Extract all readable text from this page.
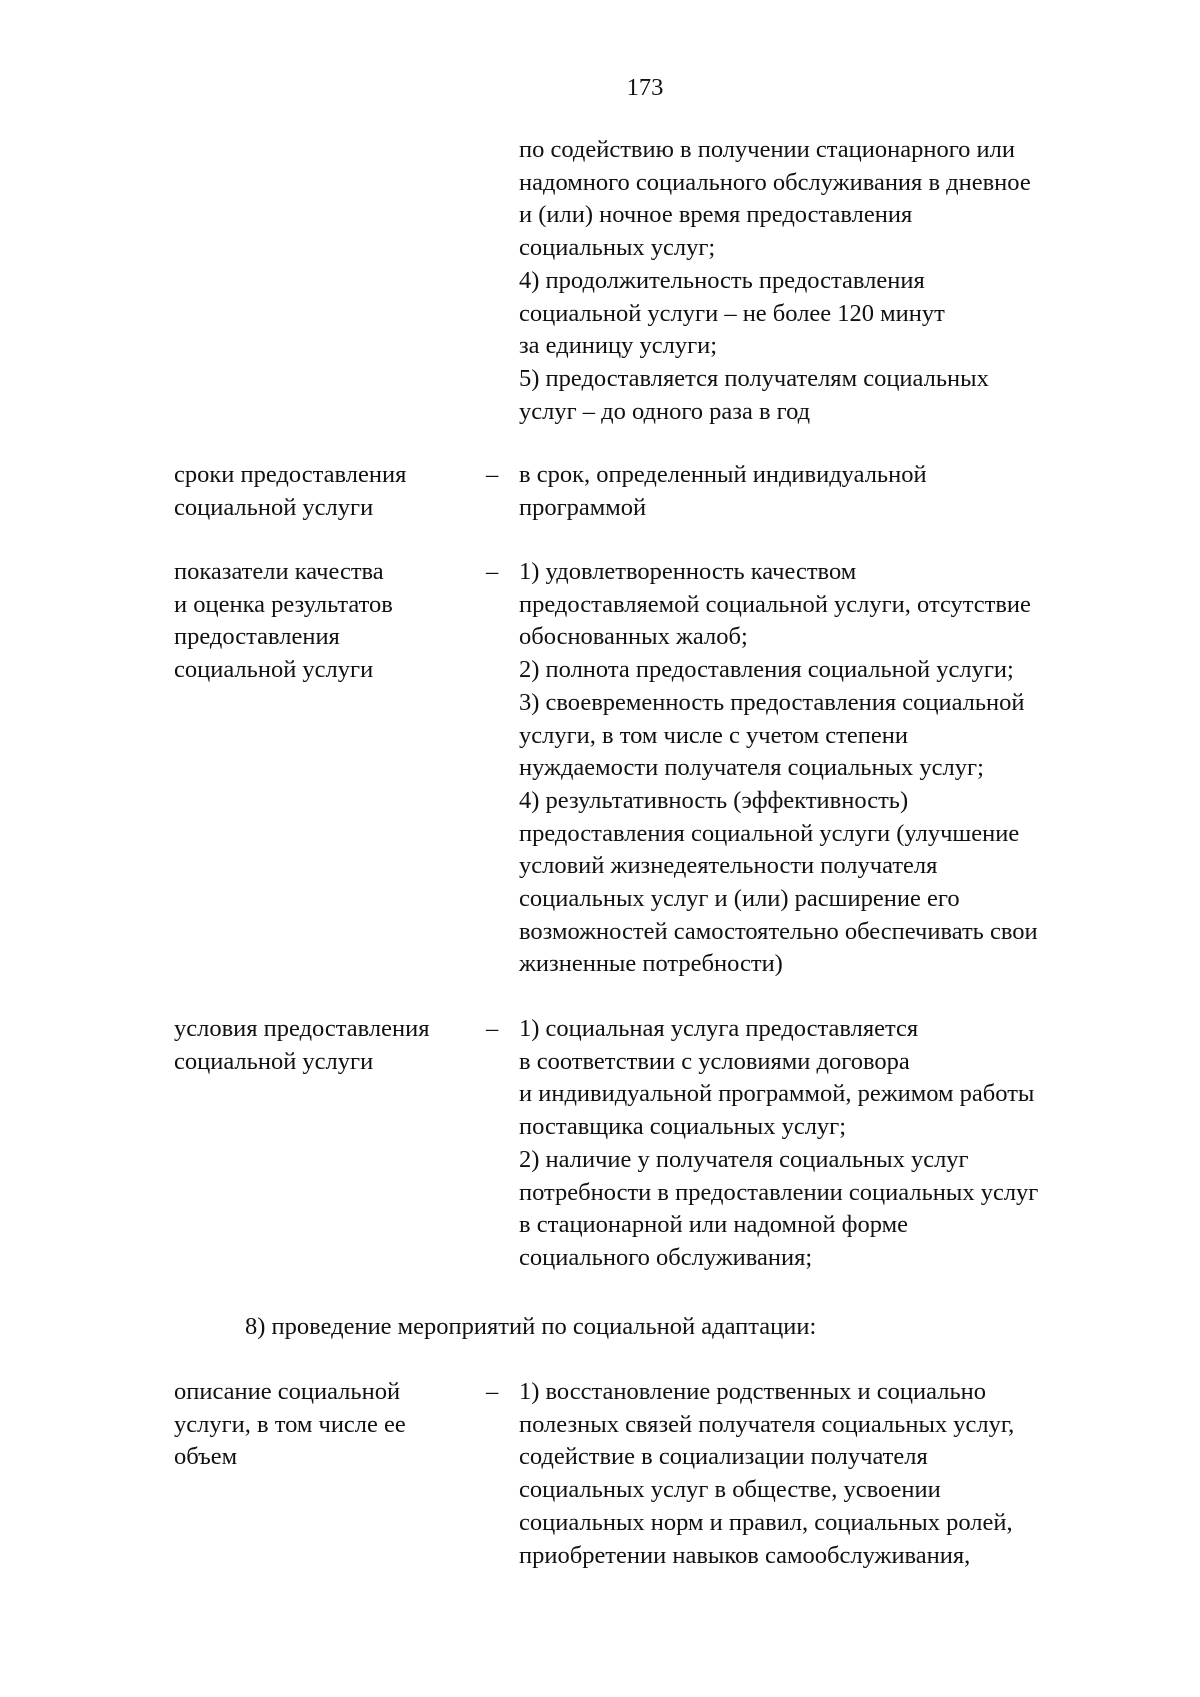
173
по содействию в получении стационарного или
надомного социального обслуживания в дневное
и (или) ночное время предоставления
социальных услуг;
4) продолжительность предоставления
социальной услуги – не более 120 минут
за единицу услуги;
5) предоставляется получателям социальных
услуг – до одного раза в год
сроки предоставления
социальной услуги
– в срок, определенный индивидуальной
программой
показатели качества
и оценка результатов
предоставления
социальной услуги
– 1) удовлетворенность качеством
предоставляемой социальной услуги, отсутствие
обоснованных жалоб;
2) полнота предоставления социальной услуги;
3) своевременность предоставления социальной
услуги, в том числе с учетом степени
нуждаемости получателя социальных услуг;
4) результативность (эффективность)
предоставления социальной услуги (улучшение
условий жизнедеятельности получателя
социальных услуг и (или) расширение его
возможностей самостоятельно обеспечивать свои
жизненные потребности)
условия предоставления
социальной услуги
– 1) социальная услуга предоставляется
в соответствии с условиями договора
и индивидуальной программой, режимом работы
поставщика социальных услуг;
2) наличие у получателя социальных услуг
потребности в предоставлении социальных услуг
в стационарной или надомной форме
социального обслуживания;
8) проведение мероприятий по социальной адаптации:
описание социальной
услуги, в том числе ее
объем
– 1) восстановление родственных и социально
полезных связей получателя социальных услуг,
содействие в социализации получателя
социальных услуг в обществе, усвоении
социальных норм и правил, социальных ролей,
приобретении навыков самообслуживания,
